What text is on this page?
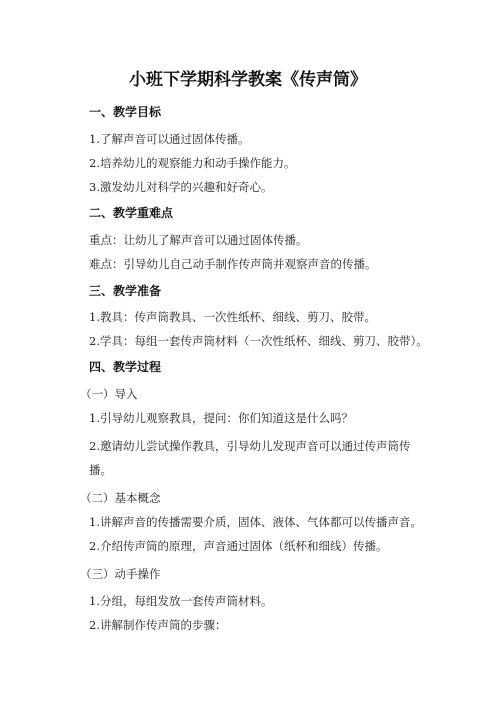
小班下学期科学教案《传声筒》
一、教学目标
1.了解声音可以通过固体传播。
2.培养幼儿的观察能力和动手操作能力。
3.激发幼儿对科学的兴趣和好奇心。
二、教学重难点
重点：让幼儿了解声音可以通过固体传播。
难点：引导幼儿自己动手制作传声筒并观察声音的传播。
三、教学准备
1.教具：传声筒教具、一次性纸杯、细线、剪刀、胶带。
2.学具：每组一套传声筒材料（一次性纸杯、细线、剪刀、胶带）。
四、教学过程
（一）导入
1.引导幼儿观察教具，提问：你们知道这是什么吗？
2.邀请幼儿尝试操作教具，引导幼儿发现声音可以通过传声筒传播。
（二）基本概念
1.讲解声音的传播需要介质，固体、液体、气体都可以传播声音。
2.介绍传声筒的原理，声音通过固体（纸杯和细线）传播。
（三）动手操作
1.分组，每组发放一套传声筒材料。
2.讲解制作传声筒的步骤：
